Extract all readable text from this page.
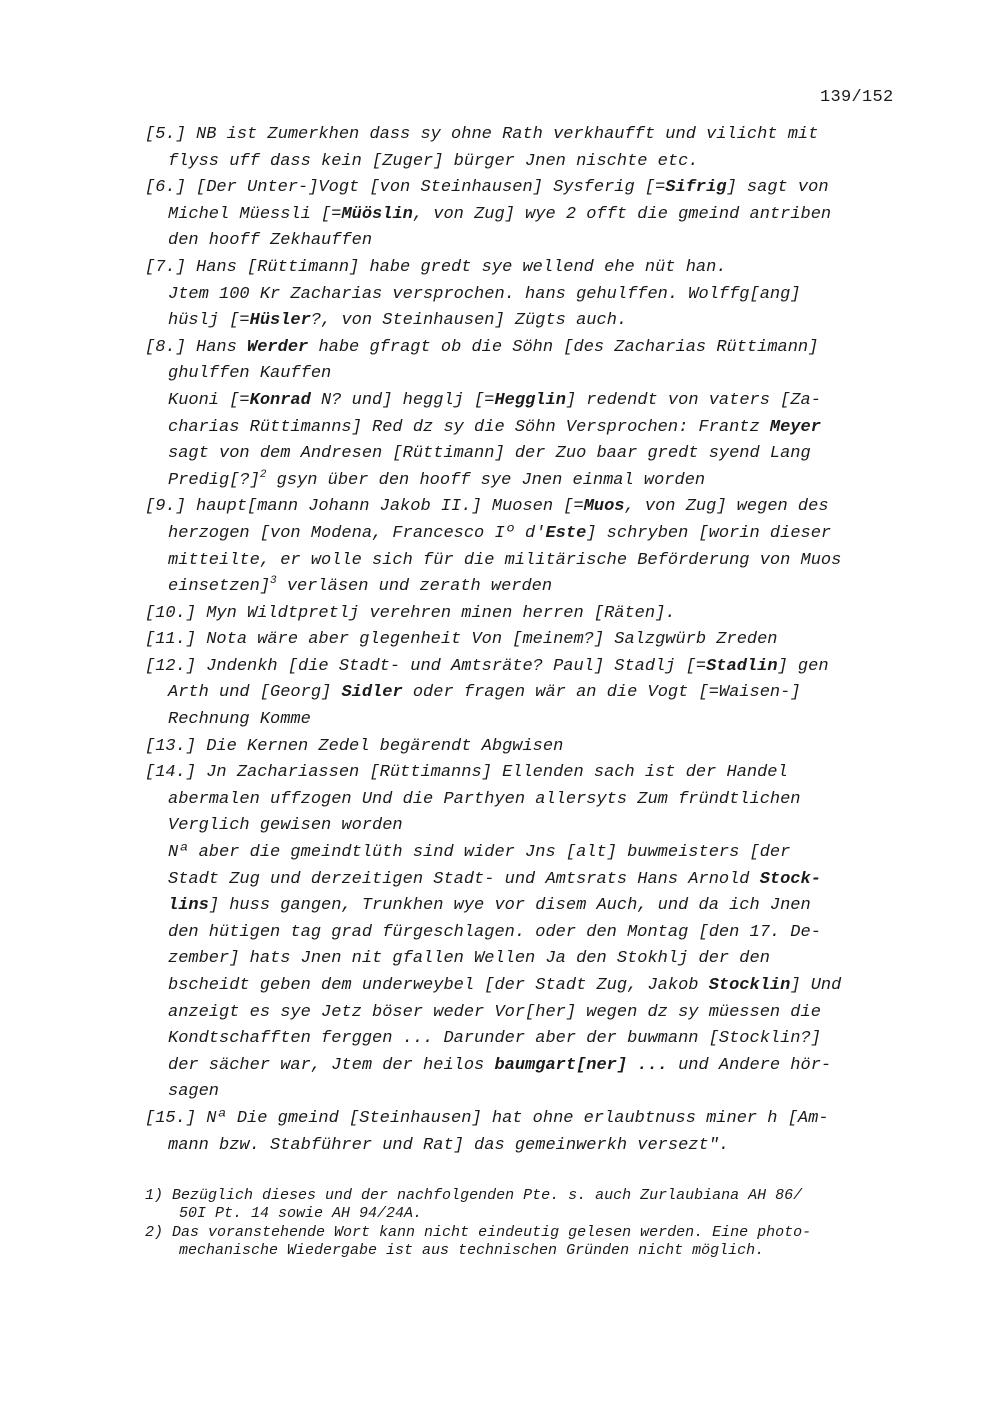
139/152
[5.] NB ist Zumerkhen dass sy ohne Rath verkhaufft und vilicht mit
flyss uff dass kein [Zuger] bürger Jnen nischte etc.
[6.] [Der Unter-]Vogt [von Steinhausen] Sysferig [=Sifrig] sagt von
Michel Müessli [=Müöslin, von Zug] wye 2 offt die gmeind antriben
den hooff Zekhauffen
[7.] Hans [Rüttimann] habe gredt sye wellend ehe nüt han.
Jtem 100 Kr Zacharias versprochen. hans gehulffen. Wolffg[ang]
hüslj [=Hüsler?, von Steinhausen] Zügts auch.
[8.] Hans Werder habe gfragt ob die Söhn [des Zacharias Rüttimann]
ghulffen Kauffen
Kuoni [=Konrad N? und] hegglj [=Hegglin] redendt von vaters [Za-
charias Rüttimanns] Red dz sy die Söhn Versprochen: Frantz Meyer
sagt von dem Andresen [Rüttimann] der Zuo baar gredt syend Lang
Predig[?]$^2$ gsyn über den hooff sye Jnen einmal worden
[9.] haupt[mann Johann Jakob II.] Muosen [=Muos, von Zug] wegen des
herzogen [von Modena, Francesco Iº d'Este] schryben [worin dieser
mitteilte, er wolle sich für die militärische Beförderung von Muos
einsetzen]$^3$ verläsen und zerath werden
[10.] Myn Wildtpretlj verehren minen herren [Räten].
[11.] Nota wäre aber glegenheit Von [meinem?] Salzgwürb Zreden
[12.] Jndenkh [die Stadt- und Amtsräte? Paul] Stadlj [=Stadlin] gen
Arth und [Georg] Sidler oder fragen wär an die Vogt [=Waisen-]
Rechnung Komme
[13.] Die Kernen Zedel begärendt Abgwisen
[14.] Jn Zachariassen [Rüttimanns] Ellenden sach ist der Handel
abermalen uffzogen Und die Parthyen allersyts Zum fründtlichen
Verglich gewisen worden
Nª aber die gmeindtlüth sind wider Jns [alt] buwmeisters [der
Stadt Zug und derzeitigen Stadt- und Amtsrats Hans Arnold Stock-
lins] huss gangen, Trunkhen wye vor disem Auch, und da ich Jnen
den hütigen tag grad fürgeschlagen. oder den Montag [den 17. De-
zember] hats Jnen nit gfallen Wellen Ja den Stokhlj der den
bscheidt geben dem underweybel [der Stadt Zug, Jakob Stocklin] Und
anzeigt es sye Jetz böser weder Vor[her] wegen dz sy müessen die
Kondtschafften ferggen ... Darunder aber der buwmann [Stocklin?]
der sächer war, Jtem der heilos baumgart[ner] ... und Andere hör-
sagen
[15.] Nª Die gmeind [Steinhausen] hat ohne erlaubtnuss miner h [Am-
mann bzw. Stabführer und Rat] das gemeinwerkh versezt".
1) Bezüglich dieses und der nachfolgenden Pte. s. auch Zurlaubiana AH 86/
50I Pt. 14 sowie AH 94/24A.
2) Das voranstehende Wort kann nicht eindeutig gelesen werden. Eine photo-
mechanische Wiedergabe ist aus technischen Gründen nicht möglich.
